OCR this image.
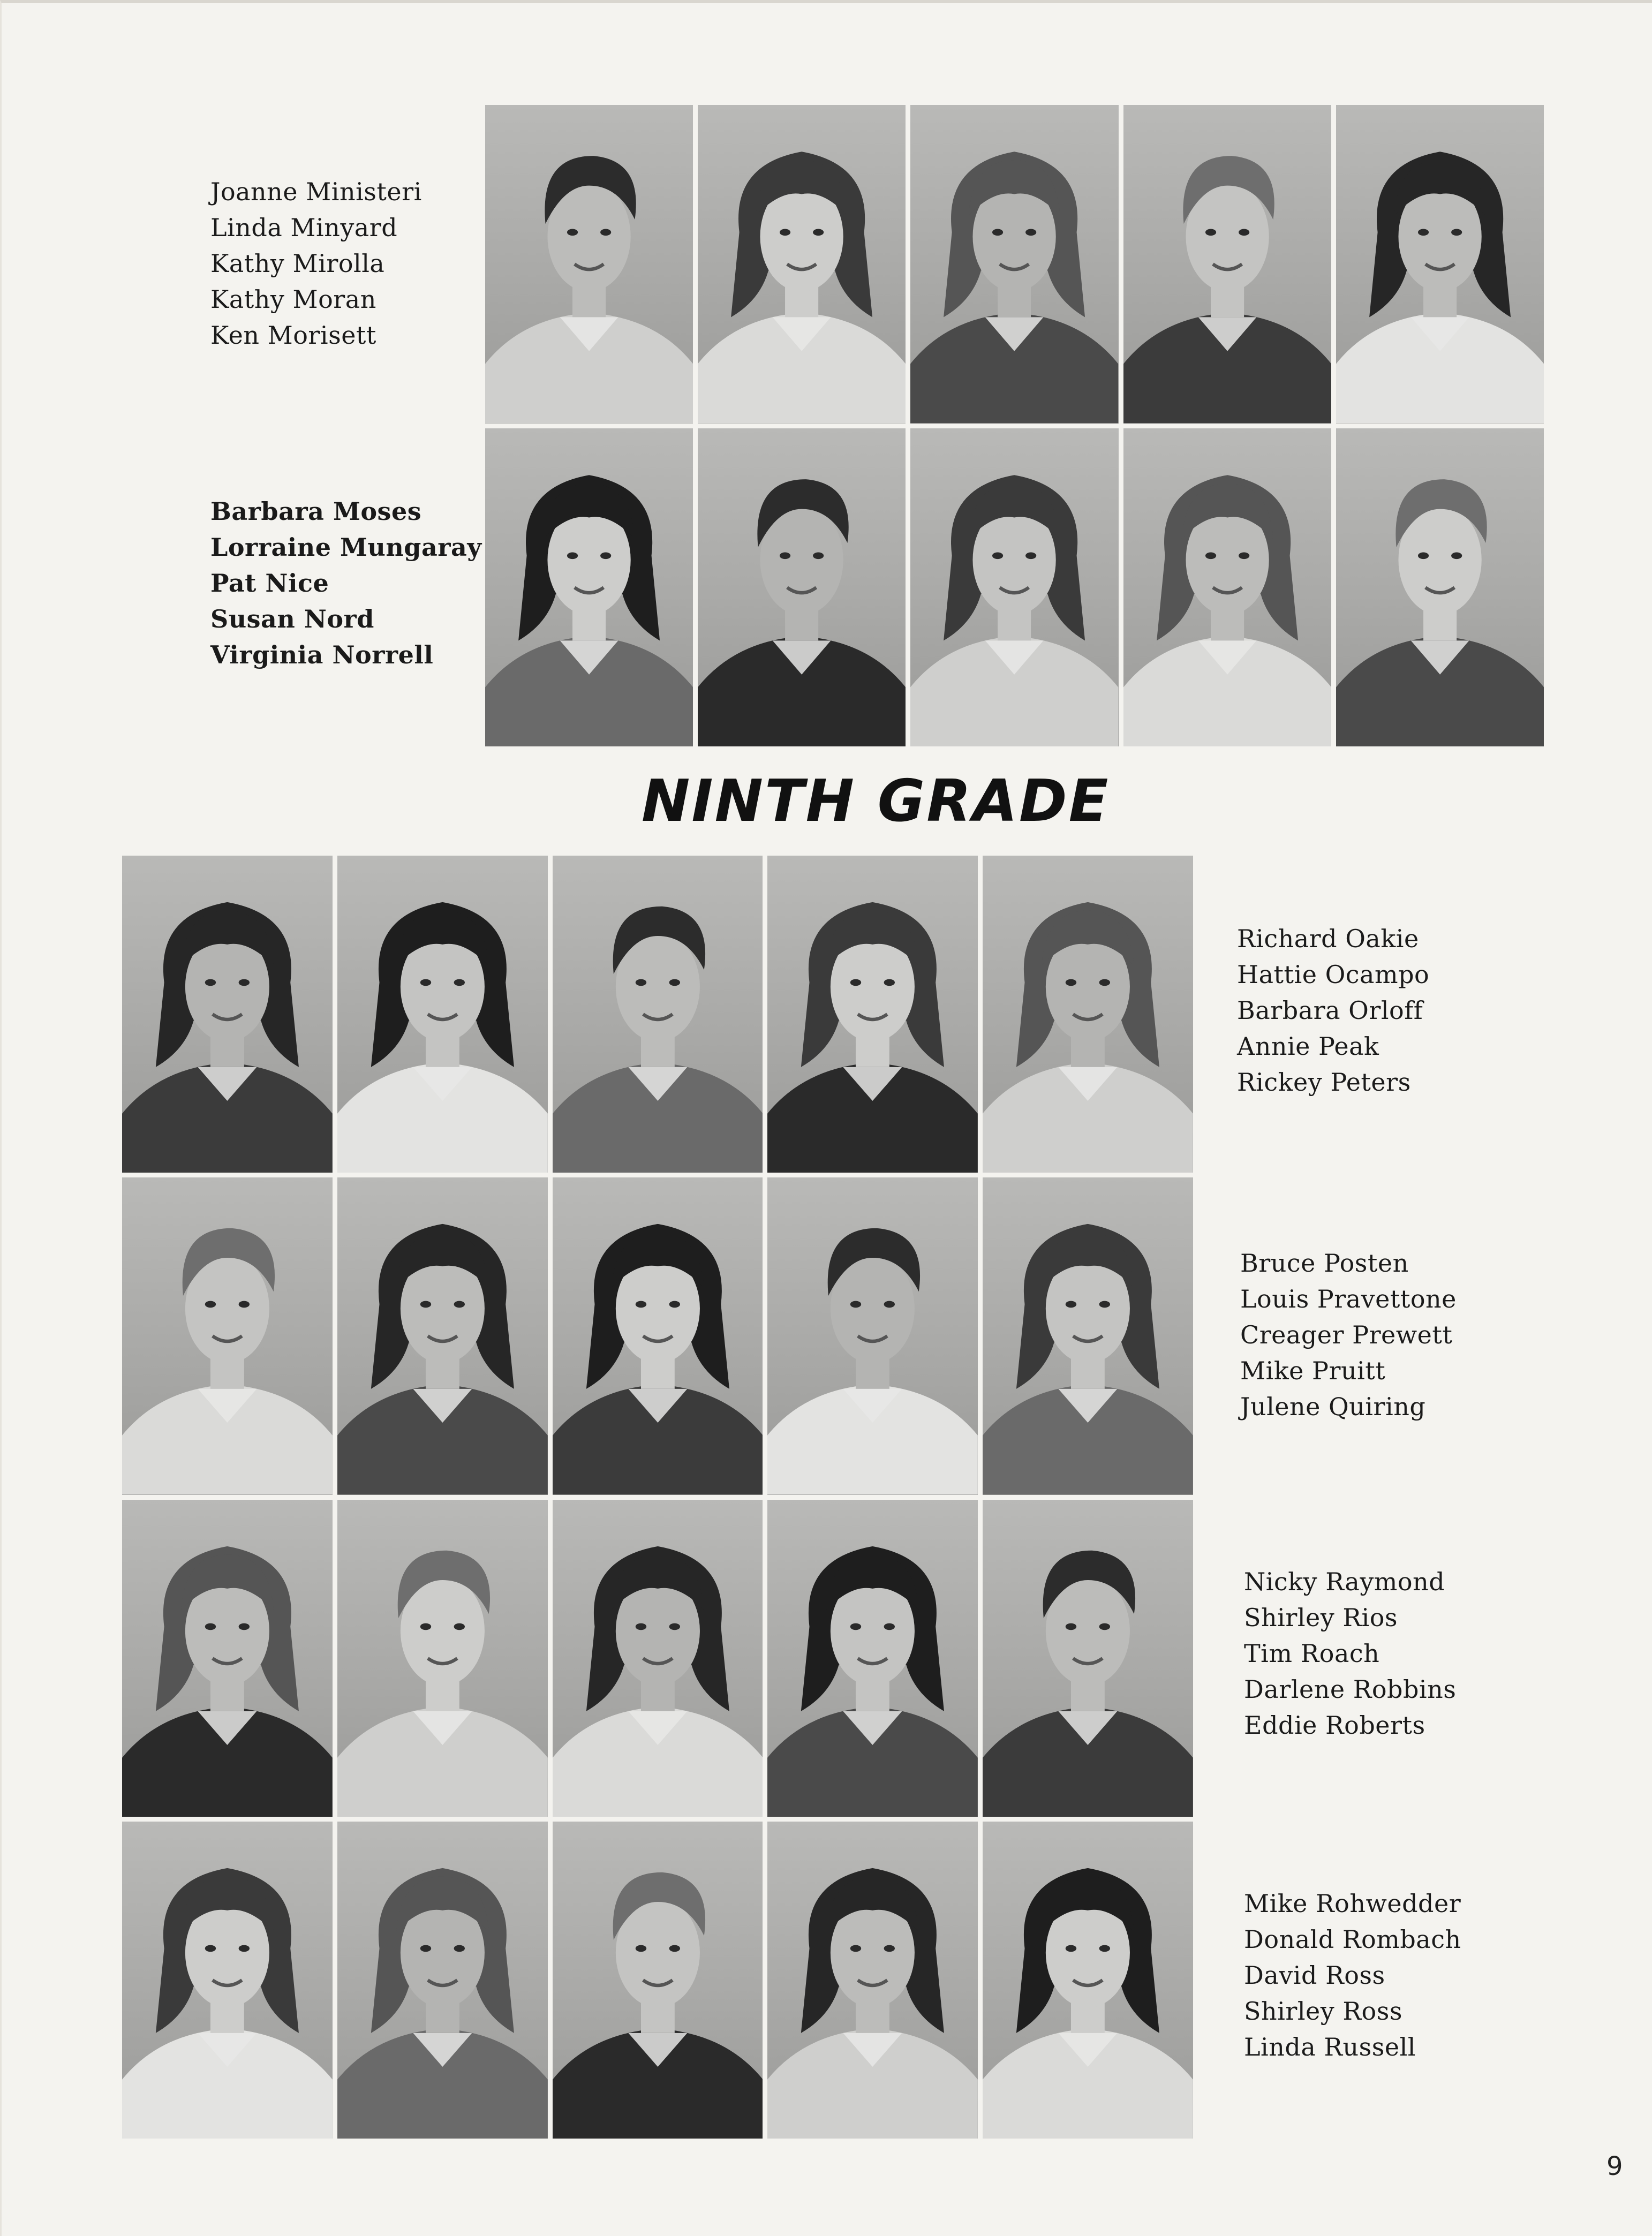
Joanne Ministeri
Linda Minyard
Kathy Mirolla
Kathy Moran
Ken Morisett
Barbara Moses
Lorraine Mungaray
Pat Nice
Susan Nord
Virginia Norrell
NINTH GRADE
Richard Oakie
Hattie Ocampo
Barbara Orloff
Annie Peak
Rickey Peters
Bruce Posten
Louis Pravettone
Creager Prewett
Mike Pruitt
Julene Quiring
Nicky Raymond
Shirley Rios
Tim Roach
Darlene Robbins
Eddie Roberts
Mike Rohwedder
Donald Rombach
David Ross
Shirley Ross
Linda Russell
9
